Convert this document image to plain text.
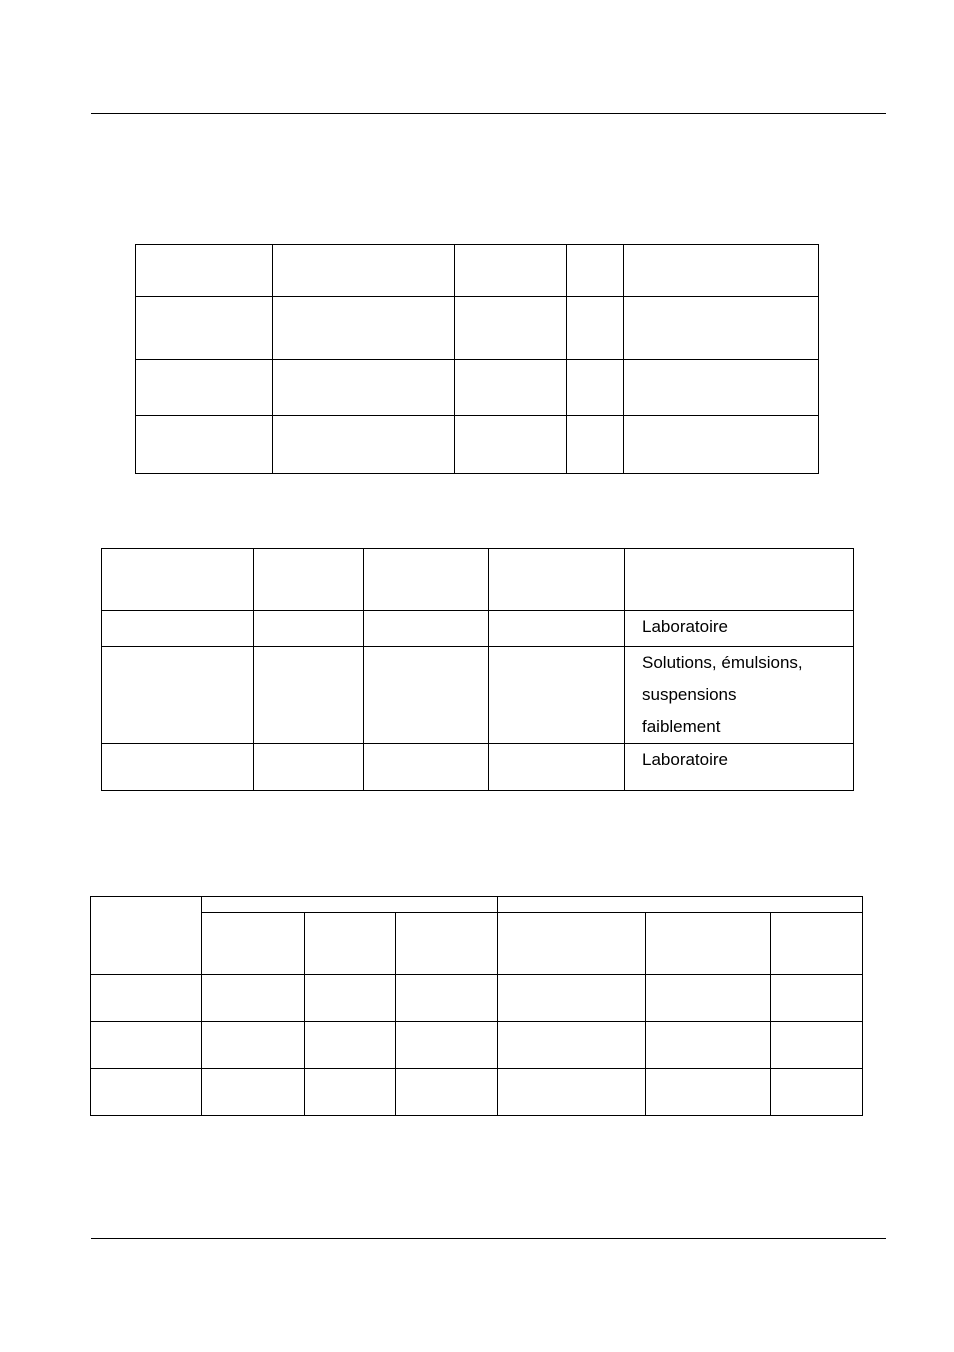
				Laboratoire

				Solutions, émulsions,
suspensions
faiblement

				Laboratoire
